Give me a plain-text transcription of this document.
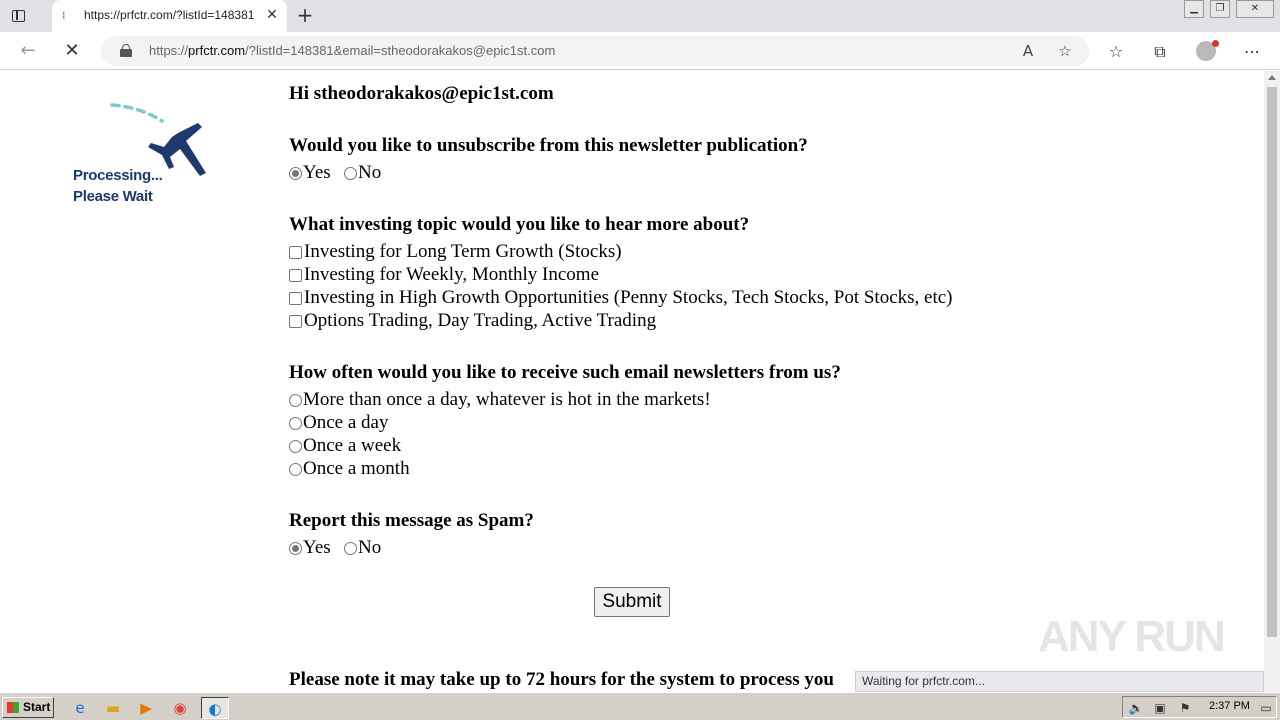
⁞	https://prfctr.com/?listId=148381 ✕ +	▁	❐	✕
← ✕	https://prfctr.com/?listId=148381&email=stheodorakakos@epic1st.com	A	☆ ☆	⧉	⋯
Processing...
Please Wait
Hi stheodorakakos@epic1st.com
Would you like to unsubscribe from this newsletter publication?
Yes No
What investing topic would you like to hear more about?
Investing for Long Term Growth (Stocks)
Investing for Weekly, Monthly Income
Investing in High Growth Opportunities (Penny Stocks, Tech Stocks, Pot Stocks, etc)
Options Trading, Day Trading, Active Trading
How often would you like to receive such email newsletters from us?
More than once a day, whatever is hot in the markets!
Once a day
Once a week
Once a month
Report this message as Spam?
Yes No
Submit
Please note it may take up to 72 hours for the system to process you
ANY RUN
Waiting for prfctr.com...
Start	e	▬	▶	◉	◐	🔈 ▣ ⚑ 2:37 PM ▭
